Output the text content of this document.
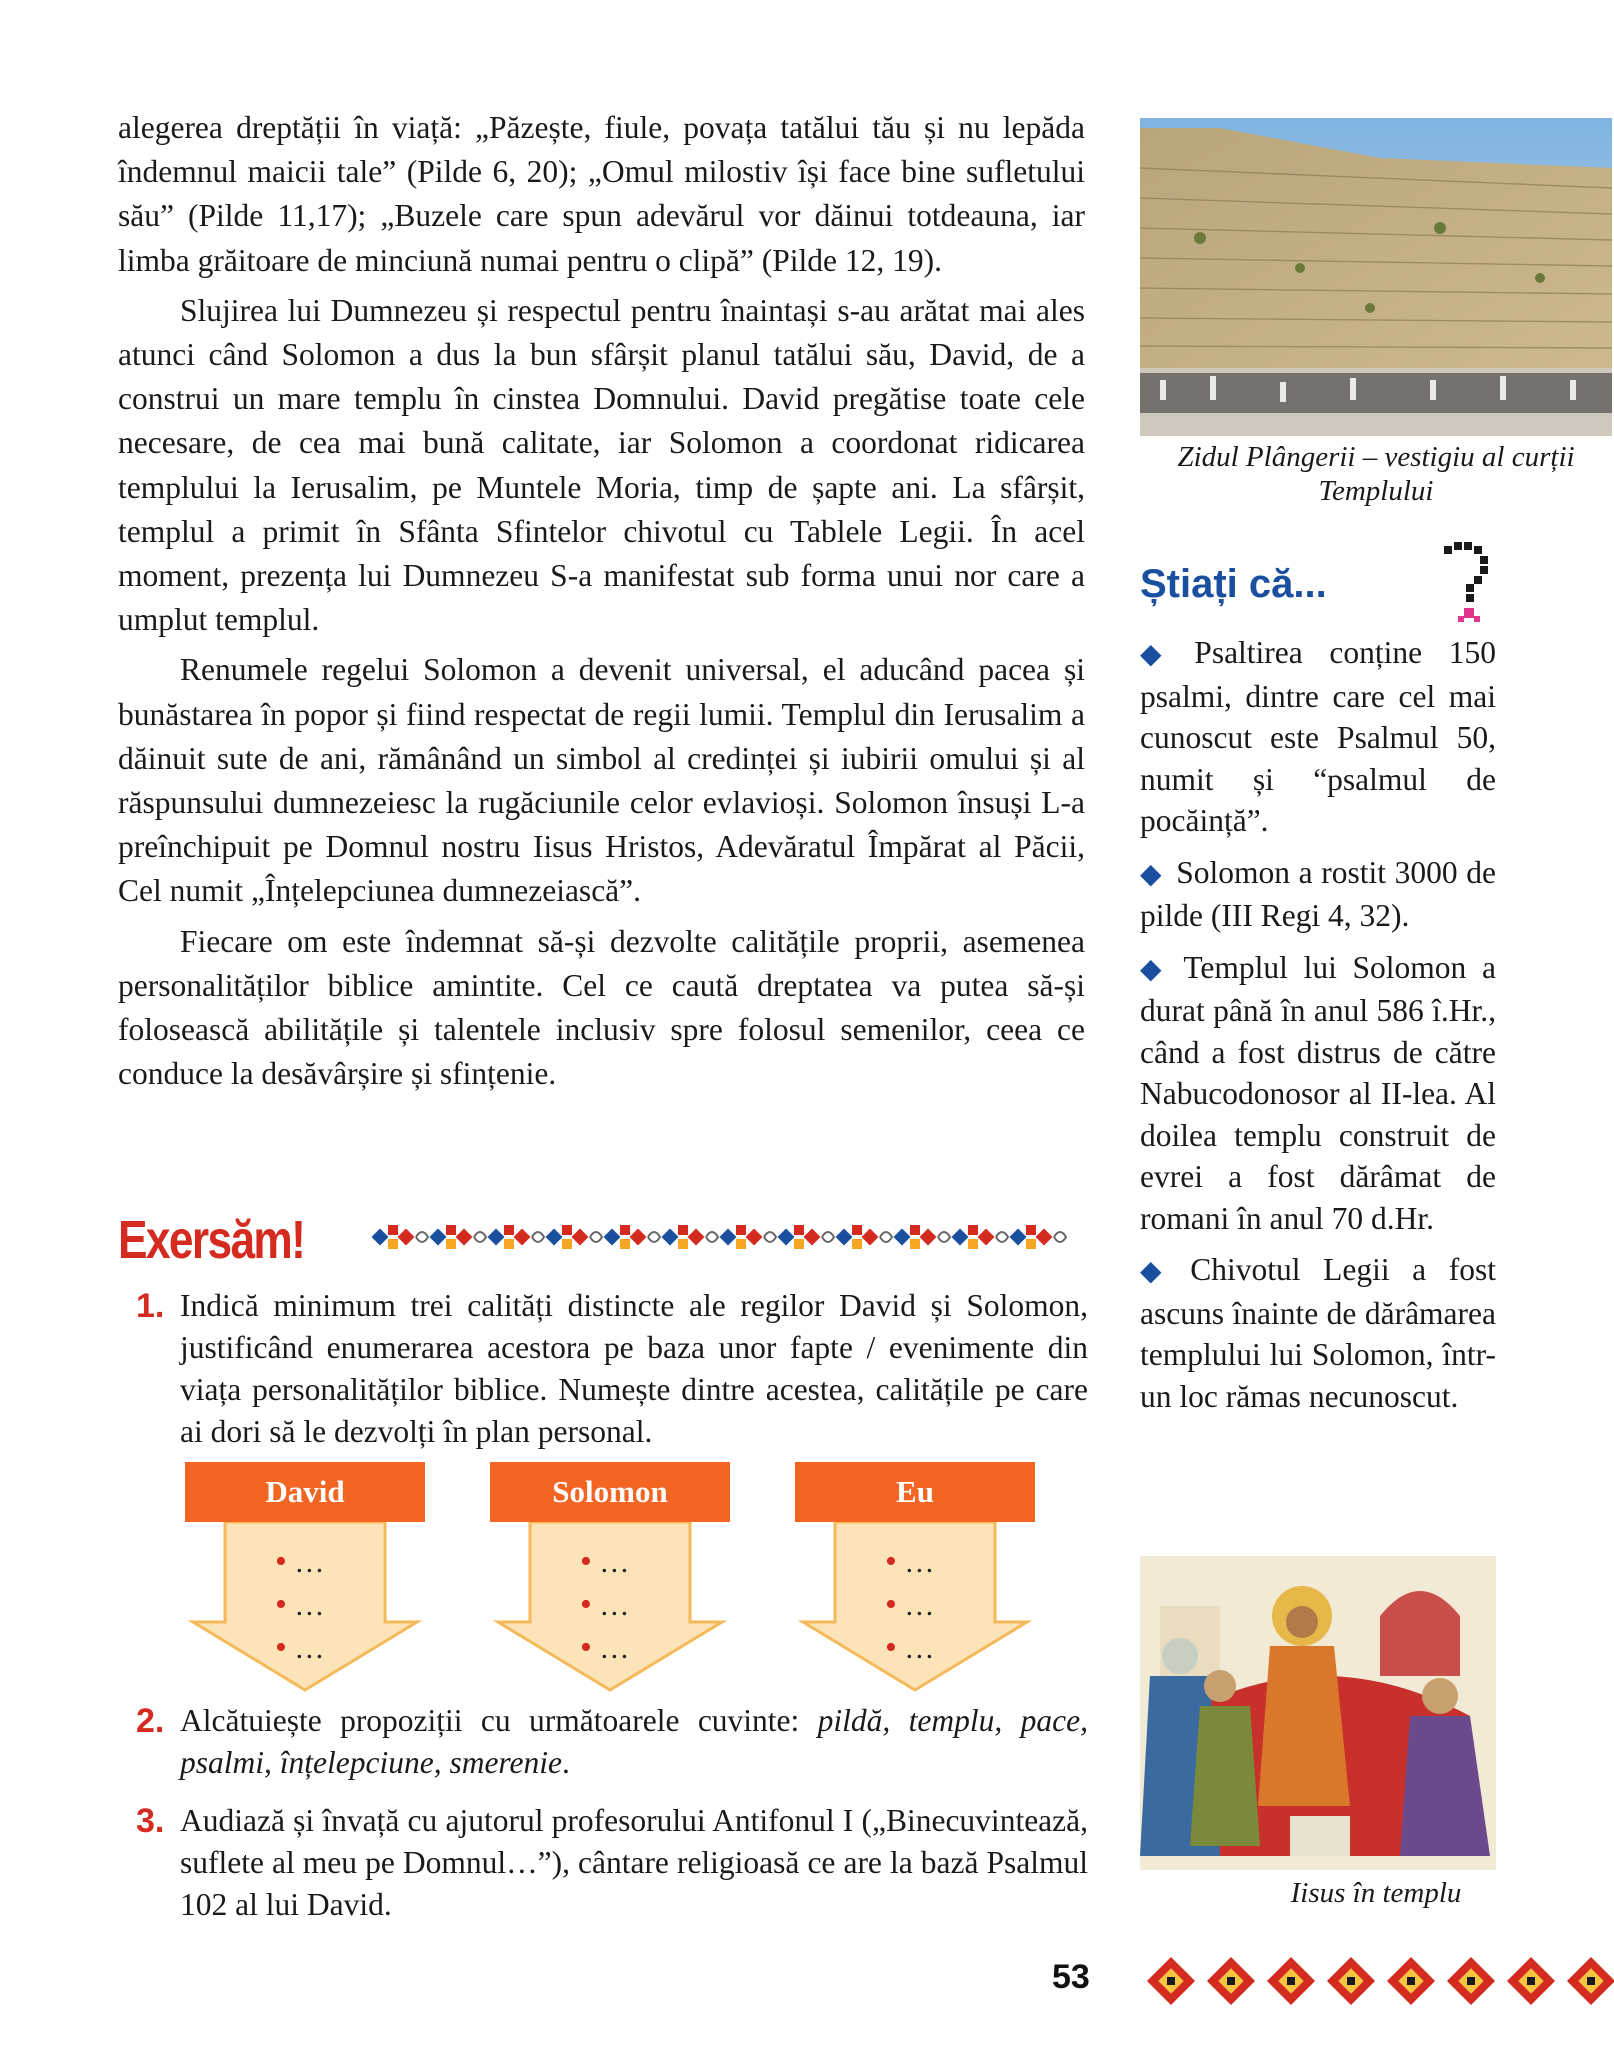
alegerea dreptății în viață: „Păzește, fiule, povața tatălui tău și nu lepăda îndemnul maicii tale” (Pilde 6, 20); „Omul milostiv își face bine sufletului său” (Pilde 11,17); „Buzele care spun adevărul vor dăinui totdeauna, iar limba grăitoare de minciună numai pentru o clipă” (Pilde 12, 19).

Slujirea lui Dumnezeu și respectul pentru înaintași s-au arătat mai ales atunci când Solomon a dus la bun sfârșit planul tatălui său, David, de a construi un mare templu în cinstea Domnului. David pregătise toate cele necesare, de cea mai bună calitate, iar Solomon a coordonat ridicarea templului la Ierusalim, pe Muntele Moria, timp de șapte ani. La sfârșit, templul a primit în Sfânta Sfintelor chivotul cu Tablele Legii. În acel moment, prezența lui Dumnezeu S-a manifestat sub forma unui nor care a umplut templul.

Renumele regelui Solomon a devenit universal, el aducând pacea și bunăstarea în popor și fiind respectat de regii lumii. Templul din Ierusalim a dăinuit sute de ani, rămânând un simbol al credinței și iubirii omului și al răspunsului dumnezeiesc la rugăciunile celor evlavioși. Solomon însuși L-a preînchipuit pe Domnul nostru Iisus Hristos, Adevăratul Împărat al Păcii, Cel numit „Înțelepciunea dumnezeiască”.

Fiecare om este îndemnat să-și dezvolte calitățile proprii, asemenea personalităților biblice amintite. Cel ce caută dreptatea va putea să-și folosească abilitățile și talentele inclusiv spre folosul semenilor, ceea ce conduce la desăvârșire și sfințenie.

Exersăm!
1. Indică minimum trei calități distincte ale regilor David și Solomon, justificând enumerarea acestora pe baza unor fapte / evenimente din viața personalităților biblice. Numește dintre acestea, calitățile pe care ai dori să le dezvolți în plan personal.
David
• …
• …
• …
Solomon
• …
• …
• …
Eu
• …
• …
• …
2. Alcătuiește propoziții cu următoarele cuvinte: pildă, templu, pace, psalmi, înțelepciune, smerenie.
3. Audiază și învață cu ajutorul profesorului Antifonul I („Binecuvintează, suflete al meu pe Domnul…”), cântare religioasă ce are la bază Psalmul 102 al lui David.
Zidul Plângerii – vestigiu al curții Templului
Știați că...

◆ Psaltirea conține 150 psalmi, dintre care cel mai cunoscut este Psalmul 50, numit și “psalmul de pocăință”.

◆ Solomon a rostit 3000 de pilde (III Regi 4, 32).

◆ Templul lui Solomon a durat până în anul 586 î.Hr., când a fost distrus de către Nabucodonosor al II-lea. Al doilea templu construit de evrei a fost dărâmat de romani în anul 70 d.Hr.

◆ Chivotul Legii a fost ascuns înainte de dărâmarea templului lui Solomon, într-un loc rămas necunoscut.

Iisus în templu
53
